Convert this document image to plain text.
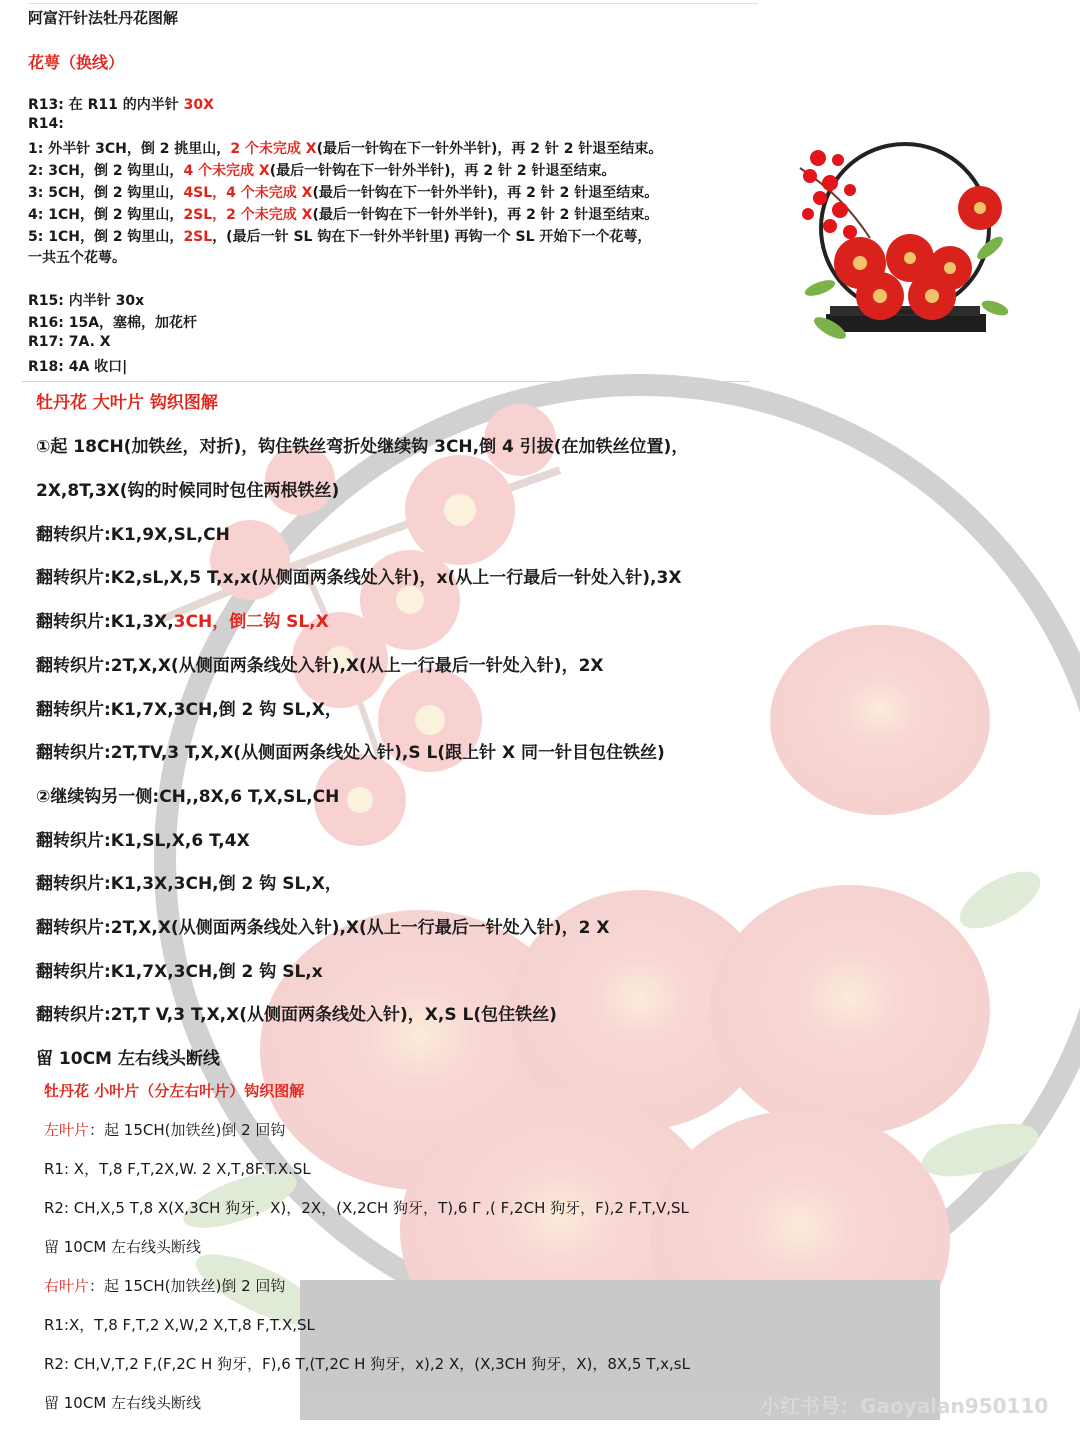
阿富汗针法牡丹花图解
花萼（换线）
R13: 在 R11 的内半针 30X
R14:
1: 外半针 3CH，倒 2 挑里山，2 个未完成 X(最后一针钩在下一针外半针)，再 2 针 2 针退至结束。
2: 3CH，倒 2 钩里山，4 个未完成 X(最后一针钩在下一针外半针)，再 2 针 2 针退至结束。
3: 5CH，倒 2 钩里山，4SL，4 个未完成 X(最后一针钩在下一针外半针)，再 2 针 2 针退至结束。
4: 1CH，倒 2 钩里山，2SL，2 个未完成 X(最后一针钩在下一针外半针)，再 2 针 2 针退至结束。
5: 1CH，倒 2 钩里山，2SL，(最后一针 SL 钩在下一针外半针里) 再钩一个 SL 开始下一个花萼，
一共五个花萼。
R15: 内半针 30x
R16: 15A，塞棉，加花杆
R17: 7A. X
R18: 4A 收口|
牡丹花 大叶片 钩织图解
①起 18CH(加铁丝，对折)，钩住铁丝弯折处继续钩 3CH,倒 4 引拔(在加铁丝位置)，
2X,8T,3X(钩的时候同时包住两根铁丝)
翻转织片:K1,9X,SL,CH
翻转织片:K2,sL,X,5 T,x,x(从侧面两条线处入针)，x(从上一行最后一针处入针),3X
翻转织片:K1,3X,3CH，倒二钩 SL,X
翻转织片:2T,X,X(从侧面两条线处入针),X(从上一行最后一针处入针)，2X
翻转织片:K1,7X,3CH,倒 2 钩 SL,X，
翻转织片:2T,TV,3 T,X,X(从侧面两条线处入针),S L(跟上针 X 同一针目包住铁丝)
②继续钩另一侧:CH,,8X,6 T,X,SL,CH
翻转织片:K1,SL,X,6 T,4X
翻转织片:K1,3X,3CH,倒 2 钩 SL,X，
翻转织片:2T,X,X(从侧面两条线处入针),X(从上一行最后一针处入针)，2 X
翻转织片:K1,7X,3CH,倒 2 钩 SL,x
翻转织片:2T,T V,3 T,X,X(从侧面两条线处入针)，X,S L(包住铁丝)
留 10CM 左右线头断线
牡丹花 小叶片（分左右叶片）钩织图解
左叶片：起 15CH(加铁丝)倒 2 回钩
R1: X，T,8 F,T,2X,W. 2 X,T,8F.T.X.SL
R2: CH,X,5 T,8 X(X,3CH 狗牙，X)，2X，(X,2CH 狗牙，T),6 Γ ,( F,2CH 狗牙，F),2 F,T,V,SL
留 10CM 左右线头断线
右叶片：起 15CH(加铁丝)倒 2 回钩
R1:X，T,8 F,T,2 X,W,2 X,T,8 F,T.X,SL
R2: CH,V,T,2 F,(F,2C H 狗牙，F),6 T,(T,2C H 狗牙，x),2 X，(X,3CH 狗牙，X)，8X,5 T,x,sL
留 10CM 左右线头断线	小红书号：Gaoyalan950110
